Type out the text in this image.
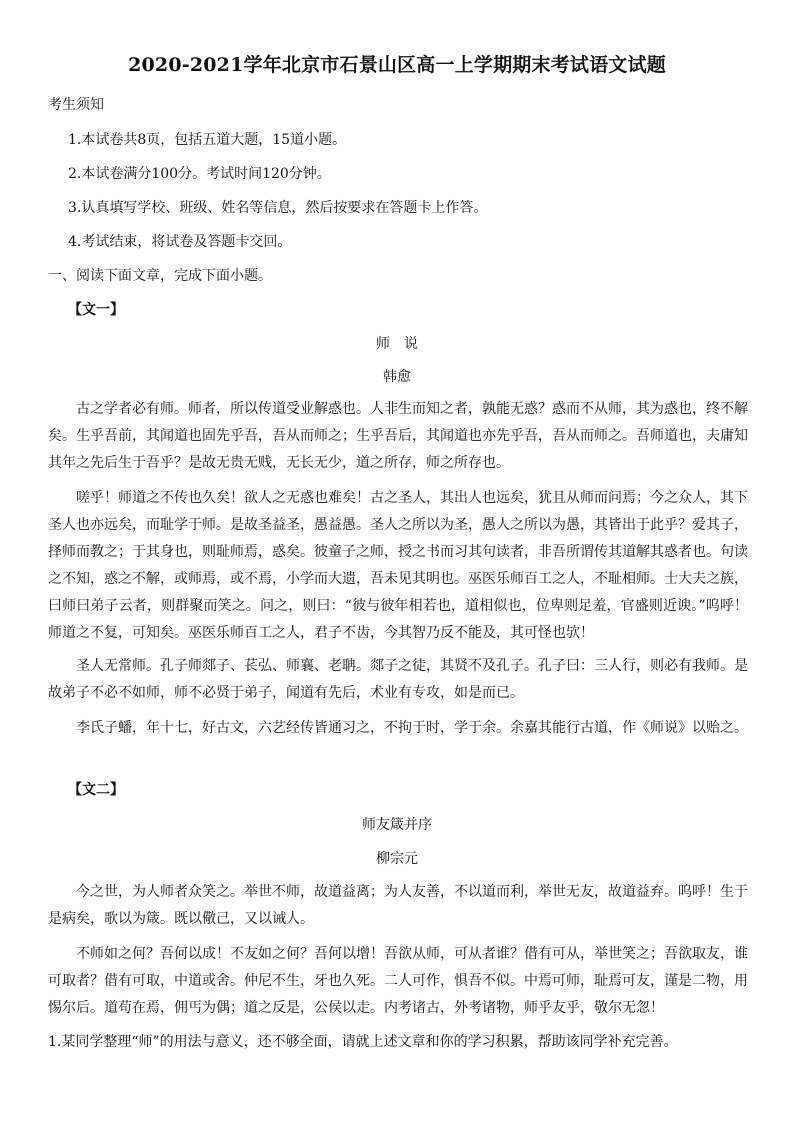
2020-2021学年北京市石景山区高一上学期期末考试语文试题
考生须知
1.本试卷共8页，包括五道大题，15道小题。
2.本试卷满分100分。考试时间120分钟。
3.认真填写学校、班级、姓名等信息，然后按要求在答题卡上作答。
4.考试结束，将试卷及答题卡交回。
一、阅读下面文章，完成下面小题。
【文一】
师　说
韩愈
古之学者必有师。师者，所以传道受业解惑也。人非生而知之者，孰能无惑？惑而不从师，其为惑也，终不解矣。生乎吾前，其闻道也固先乎吾，吾从而师之；生乎吾后，其闻道也亦先乎吾，吾从而师之。吾师道也，夫庸知其年之先后生于吾乎？是故无贵无贱，无长无少，道之所存，师之所存也。
嗟乎！师道之不传也久矣！欲人之无惑也难矣！古之圣人，其出人也远矣，犹且从师而问焉；今之众人，其下圣人也亦远矣，而耻学于师。是故圣益圣，愚益愚。圣人之所以为圣，愚人之所以为愚，其皆出于此乎？爱其子，择师而教之；于其身也，则耻师焉，惑矣。彼童子之师，授之书而习其句读者，非吾所谓传其道解其惑者也。句读之不知，惑之不解，或师焉，或不焉，小学而大遗，吾未见其明也。巫医乐师百工之人，不耻相师。士大夫之族，曰师曰弟子云者，则群聚而笑之。问之，则曰：“彼与彼年相若也，道相似也，位卑则足羞，官盛则近谀。”呜呼！师道之不复，可知矣。巫医乐师百工之人，君子不齿，今其智乃反不能及，其可怪也欤！
圣人无常师。孔子师郯子、苌弘、师襄、老聃。郯子之徒，其贤不及孔子。孔子曰：三人行，则必有我师。是故弟子不必不如师，师不必贤于弟子，闻道有先后，术业有专攻，如是而已。
李氏子蟠，年十七，好古文，六艺经传皆通习之，不拘于时，学于余。余嘉其能行古道，作《师说》以贻之。
【文二】
师友箴并序
柳宗元
今之世，为人师者众笑之。举世不师，故道益离；为人友善，不以道而利，举世无友，故道益弃。呜呼！生于是病矣，歌以为箴。既以儆己，又以诫人。
不师如之何？吾何以成！不友如之何？吾何以增！吾欲从师，可从者谁？借有可从，举世笑之；吾欲取友，谁可取者？借有可取，中道或舍。仲尼不生，牙也久死。二人可作，惧吾不似。中焉可师，耻焉可友，谨是二物，用惕尔后。道苟在焉，佣丐为偶；道之反是，公侯以走。内考诸古，外考诸物，师乎友乎，敬尔无忽！
1.某同学整理“师”的用法与意义，还不够全面，请就上述文章和你的学习积累，帮助该同学补充完善。
